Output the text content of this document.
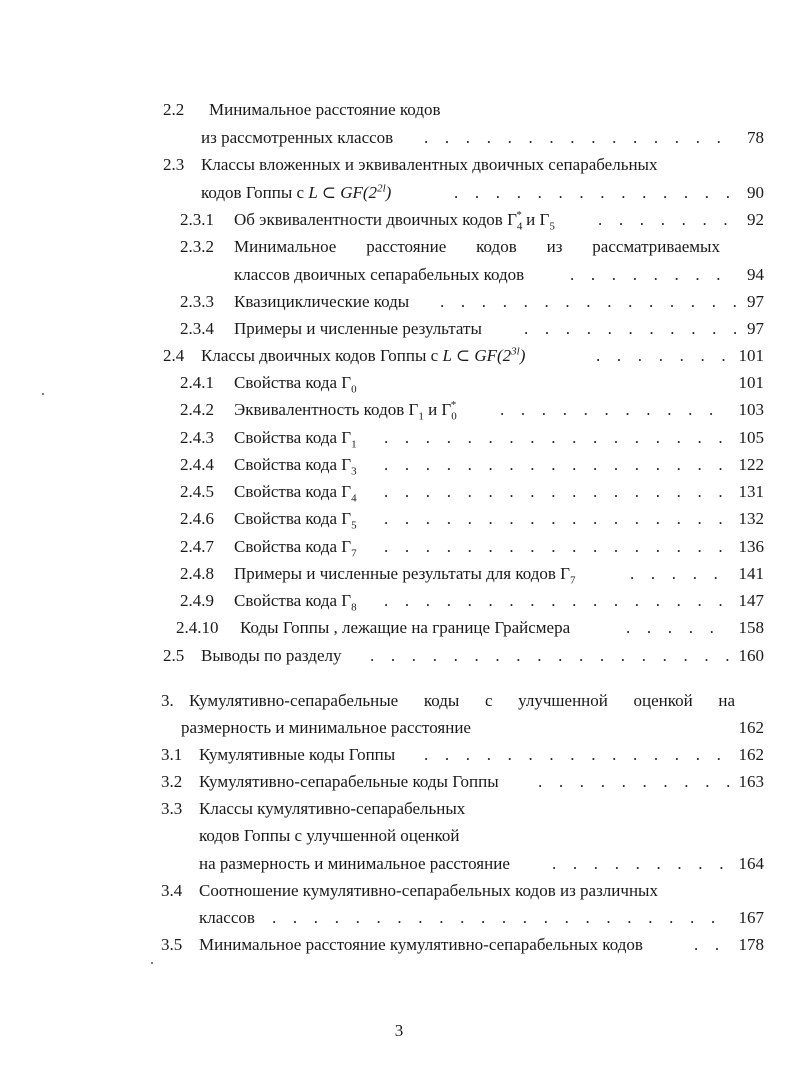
2.2 Минимальное расстояние кодов
из рассмотренных классов . . .	78
2.3 Классы вложенных и эквивалентных двоичных сепарабельных
кодов Гоппы с L ⊂ $GF(2^{2l})$ . . .	90
2.3.1 Об эквивалентности двоичных кодов $\Gamma_4^*$ и $\Gamma_5$ . . .	92
2.3.2 Минимальное расстояние кодов из рассматриваемых
классов двоичных сепарабельных кодов . . .	94
2.3.3 Квазициклические коды . . .	97
2.3.4 Примеры и численные результаты . . .	97
2.4 Классы двоичных кодов Гоппы с L ⊂ $GF(2^{3l})$ . . .	101
2.4.1 Свойства кода $\Gamma_0$	101
2.4.2 Эквивалентность кодов $\Gamma_1$ и $\Gamma_0^*$ . . .	103
2.4.3 Свойства кода $\Gamma_1$ . . .	105
2.4.4 Свойства кода $\Gamma_3$ . . .	122
2.4.5 Свойства кода $\Gamma_4$ . . .	131
2.4.6 Свойства кода $\Gamma_5$ . . .	132
2.4.7 Свойства кода $\Gamma_7$ . . .	136
2.4.8 Примеры и численные результаты для кодов $\Gamma_7$ . . .	141
2.4.9 Свойства кода $\Gamma_8$ . . .	147
2.4.10 Коды Гоппы , лежащие на границе Грайсмера . . .	158
2.5 Выводы по разделу . . .	160
3. Кумулятивно-сепарабельные коды с улучшенной оценкой на
размерность и минимальное расстояние	162
3.1 Кумулятивные коды Гоппы . . .	162
3.2 Кумулятивно-сепарабельные коды Гоппы . . .	163
3.3 Классы кумулятивно-сепарабельных
кодов Гоппы с улучшенной оценкой
на размерность и минимальное расстояние . . .	164
3.4 Соотношение кумулятивно-сепарабельных кодов из различных
классов . . .	167
3.5 Минимальное расстояние кумулятивно-сепарабельных кодов . . .	178
3
